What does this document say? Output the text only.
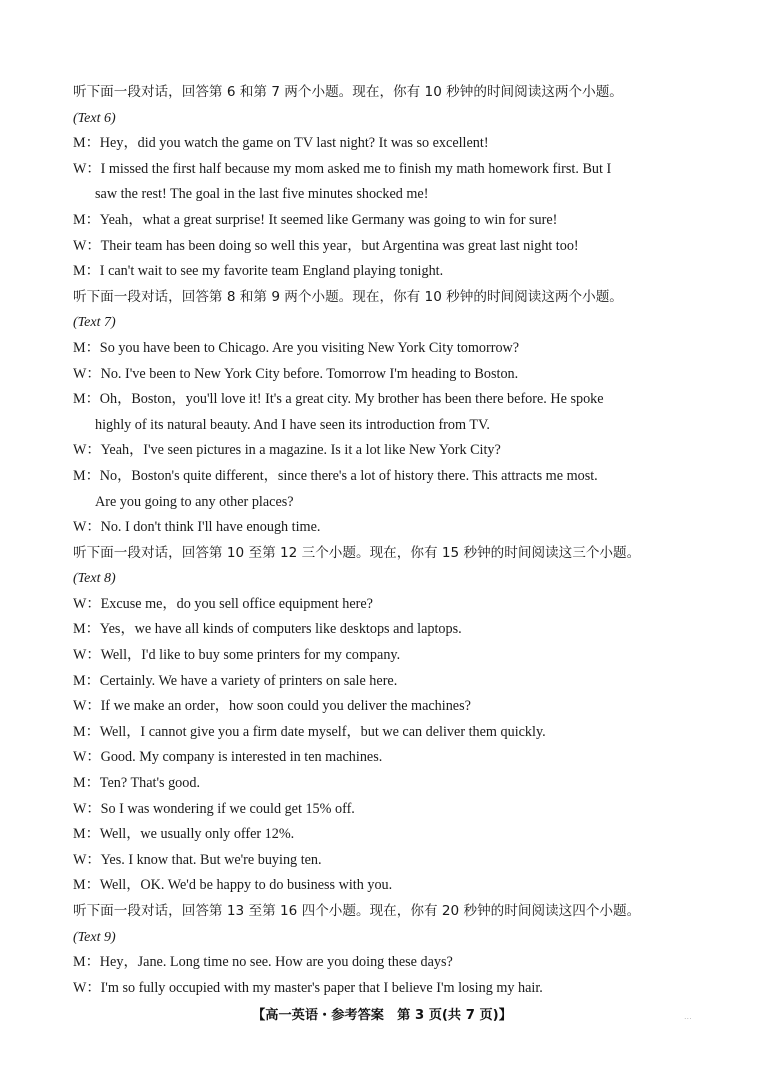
听下面一段对话，回答第 6 和第 7 两个小题。现在，你有 10 秒钟的时间阅读这两个小题。
(Text 6)
M：Hey，did you watch the game on TV last night? It was so excellent!
W：I missed the first half because my mom asked me to finish my math homework first. But I
saw the rest! The goal in the last five minutes shocked me!
M：Yeah，what a great surprise! It seemed like Germany was going to win for sure!
W：Their team has been doing so well this year，but Argentina was great last night too!
M：I can't wait to see my favorite team England playing tonight.
听下面一段对话，回答第 8 和第 9 两个小题。现在，你有 10 秒钟的时间阅读这两个小题。
(Text 7)
M：So you have been to Chicago. Are you visiting New York City tomorrow?
W：No. I've been to New York City before. Tomorrow I'm heading to Boston.
M：Oh，Boston，you'll love it! It's a great city. My brother has been there before. He spoke
highly of its natural beauty. And I have seen its introduction from TV.
W：Yeah，I've seen pictures in a magazine. Is it a lot like New York City?
M：No，Boston's quite different，since there's a lot of history there. This attracts me most.
Are you going to any other places?
W：No. I don't think I'll have enough time.
听下面一段对话，回答第 10 至第 12 三个小题。现在，你有 15 秒钟的时间阅读这三个小题。
(Text 8)
W：Excuse me，do you sell office equipment here?
M：Yes，we have all kinds of computers like desktops and laptops.
W：Well，I'd like to buy some printers for my company.
M：Certainly. We have a variety of printers on sale here.
W：If we make an order，how soon could you deliver the machines?
M：Well，I cannot give you a firm date myself，but we can deliver them quickly.
W：Good. My company is interested in ten machines.
M：Ten? That's good.
W：So I was wondering if we could get 15% off.
M：Well，we usually only offer 12%.
W：Yes. I know that. But we're buying ten.
M：Well，OK. We'd be happy to do business with you.
听下面一段对话，回答第 13 至第 16 四个小题。现在，你有 20 秒钟的时间阅读这四个小题。
(Text 9)
M：Hey，Jane. Long time no see. How are you doing these days?
W：I'm so fully occupied with my master's paper that I believe I'm losing my hair.
【高一英语・参考答案　第 3 页(共 7 页)】	...
